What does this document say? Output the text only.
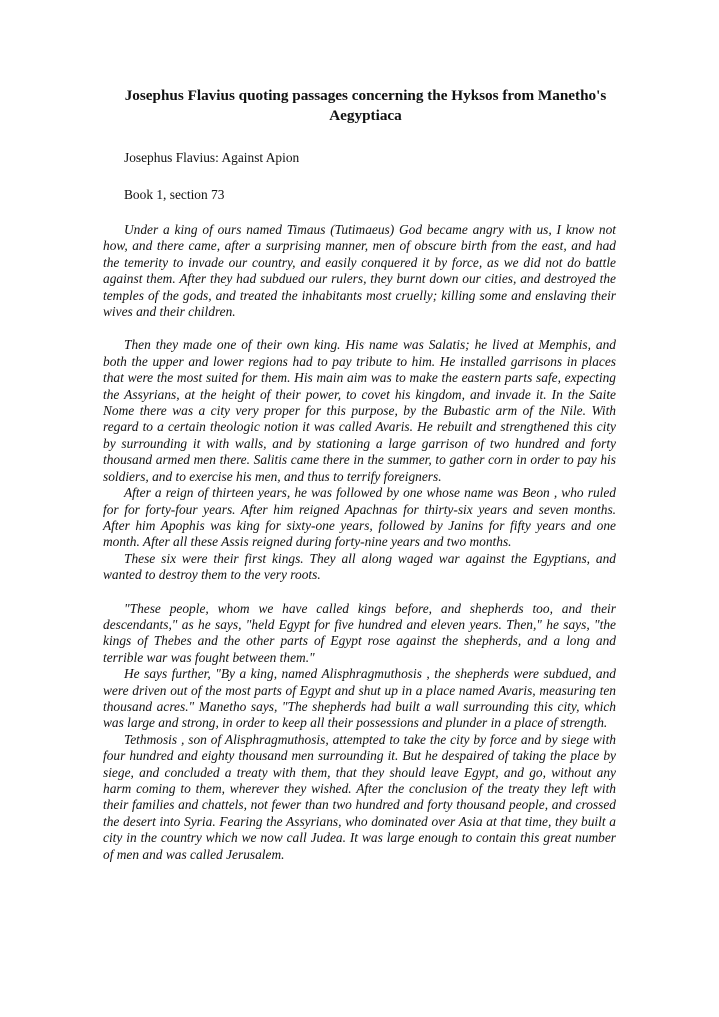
Josephus Flavius quoting passages concerning the Hyksos from Manetho's Aegyptiaca

Josephus Flavius: Against Apion

Book 1, section 73

Under a king of ours named Timaus (Tutimaeus) God became angry with us, I know not how, and there came, after a surprising manner, men of obscure birth from the east, and had the temerity to invade our country, and easily conquered it by force, as we did not do battle against them. After they had subdued our rulers, they burnt down our cities, and destroyed the temples of the gods, and treated the inhabitants most cruelly; killing some and enslaving their wives and their children.

Then they made one of their own king. His name was Salatis; he lived at Memphis, and both the upper and lower regions had to pay tribute to him. He installed garrisons in places that were the most suited for them. His main aim was to make the eastern parts safe, expecting the Assyrians, at the height of their power, to covet his kingdom, and invade it. In the Saite Nome there was a city very proper for this purpose, by the Bubastic arm of the Nile. With regard to a certain theologic notion it was called Avaris. He rebuilt and strengthened this city by surrounding it with walls, and by stationing a large garrison of two hundred and forty thousand armed men there. Salitis came there in the summer, to gather corn in order to pay his soldiers, and to exercise his men, and thus to terrify foreigners.

After a reign of thirteen years, he was followed by one whose name was Beon , who ruled for for forty-four years. After him reigned Apachnas for thirty-six years and seven months. After him Apophis was king for sixty-one years, followed by Janins for fifty years and one month. After all these Assis reigned during forty-nine years and two months.

These six were their first kings. They all along waged war against the Egyptians, and wanted to destroy them to the very roots.

"These people, whom we have called kings before, and shepherds too, and their descendants," as he says, "held Egypt for five hundred and eleven years. Then," he says, "the kings of Thebes and the other parts of Egypt rose against the shepherds, and a long and terrible war was fought between them."

He says further, "By a king, named Alisphragmuthosis , the shepherds were subdued, and were driven out of the most parts of Egypt and shut up in a place named Avaris, measuring ten thousand acres." Manetho says, "The shepherds had built a wall surrounding this city, which was large and strong, in order to keep all their possessions and plunder in a place of strength.

Tethmosis , son of Alisphragmuthosis, attempted to take the city by force and by siege with four hundred and eighty thousand men surrounding it. But he despaired of taking the place by siege, and concluded a treaty with them, that they should leave Egypt, and go, without any harm coming to them, wherever they wished. After the conclusion of the treaty they left with their families and chattels, not fewer than two hundred and forty thousand people, and crossed the desert into Syria. Fearing the Assyrians, who dominated over Asia at that time, they built a city in the country which we now call Judea. It was large enough to contain this great number of men and was called Jerusalem.
